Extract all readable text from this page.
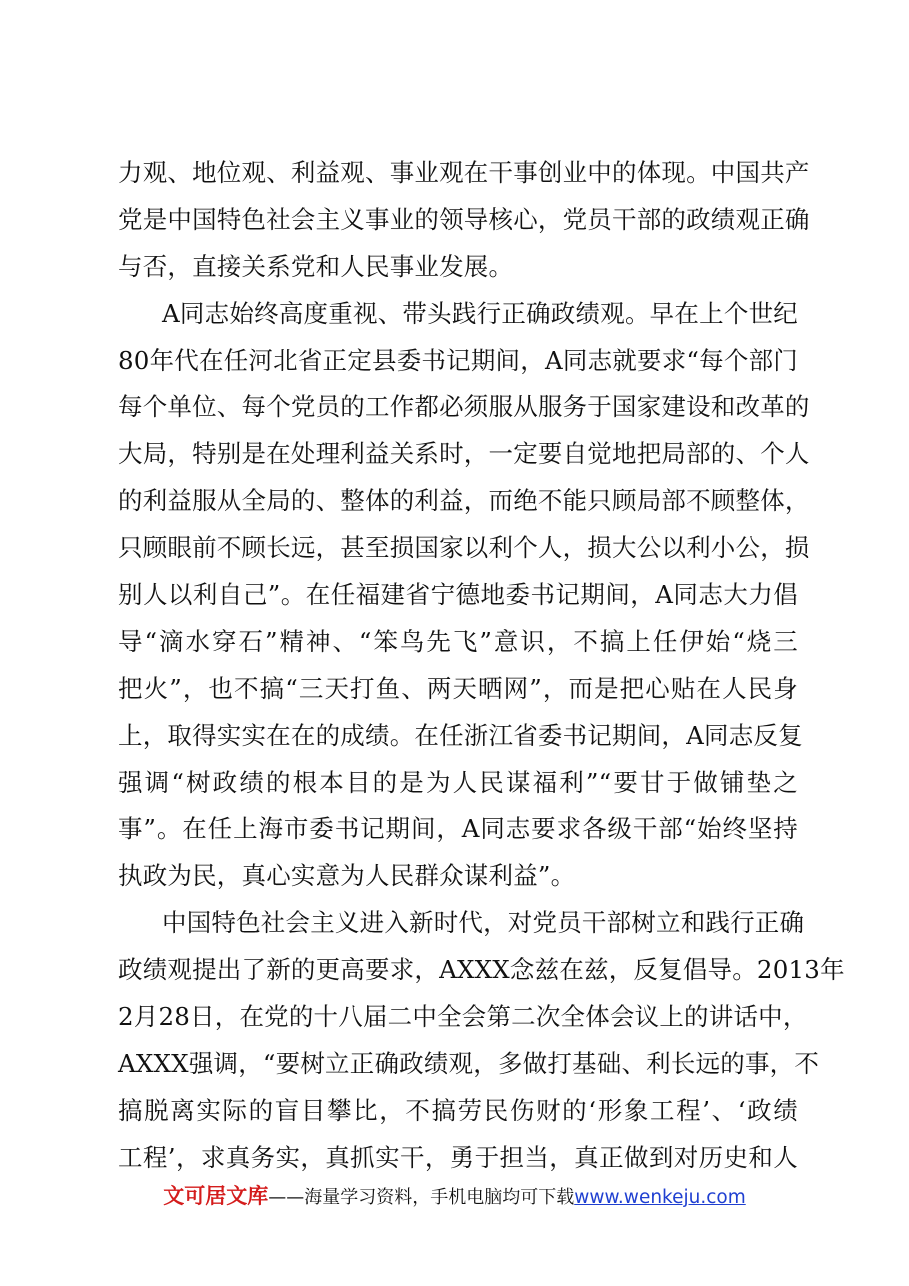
力观、地位观、利益观、事业观在干事创业中的体现。中国共产
党是中国特色社会主义事业的领导核心，党员干部的政绩观正确
与否，直接关系党和人民事业发展。
A同志始终高度重视、带头践行正确政绩观。早在上个世纪
80年代在任河北省正定县委书记期间，A同志就要求“每个部门
每个单位、每个党员的工作都必须服从服务于国家建设和改革的
大局，特别是在处理利益关系时，一定要自觉地把局部的、个人
的利益服从全局的、整体的利益，而绝不能只顾局部不顾整体，
只顾眼前不顾长远，甚至损国家以利个人，损大公以利小公，损
别人以利自己”。在任福建省宁德地委书记期间，A同志大力倡
导“滴水穿石”精神、“笨鸟先飞”意识，不搞上任伊始“烧三
把火”，也不搞“三天打鱼、两天晒网”，而是把心贴在人民身
上，取得实实在在的成绩。在任浙江省委书记期间，A同志反复
强调“树政绩的根本目的是为人民谋福利”“要甘于做铺垫之
事”。在任上海市委书记期间，A同志要求各级干部“始终坚持
执政为民，真心实意为人民群众谋利益”。
中国特色社会主义进入新时代，对党员干部树立和践行正确
政绩观提出了新的更高要求，AXXX念兹在兹，反复倡导。2013年
2月28日，在党的十八届二中全会第二次全体会议上的讲话中，
AXXX强调，“要树立正确政绩观，多做打基础、利长远的事，不
搞脱离实际的盲目攀比，不搞劳民伤财的‘形象工程’、‘政绩
工程’，求真务实，真抓实干，勇于担当，真正做到对历史和人
文可居文库——海量学习资料，手机电脑均可下载www.wenkeju.com
